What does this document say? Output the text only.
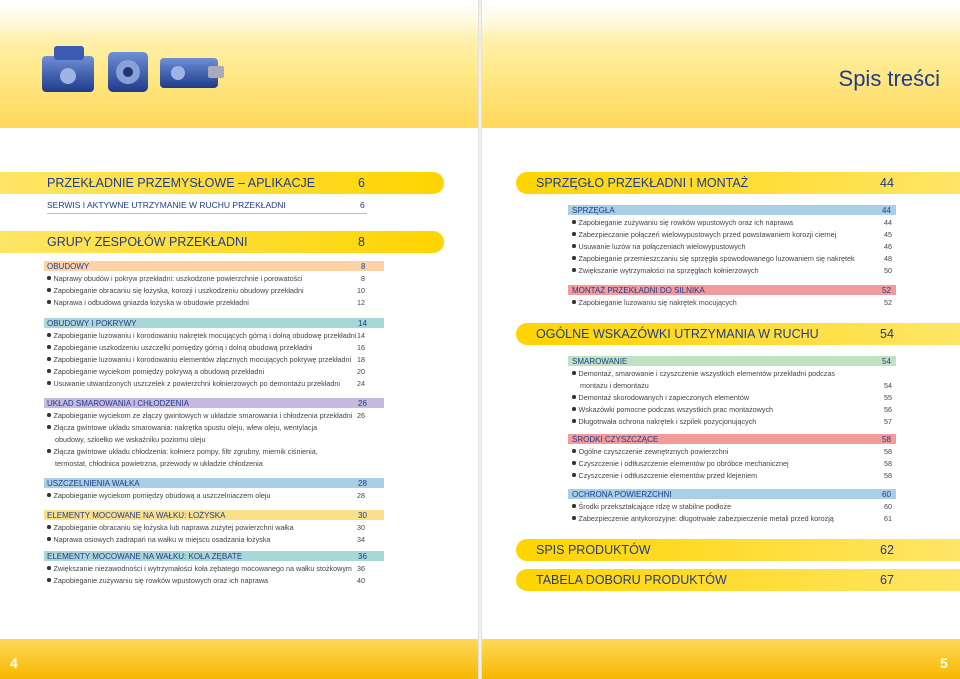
Spis treści
PRZEKŁADNIE PRZEMYSŁOWE – APLIKACJE	6
SERWIS I AKTYWNE UTRZYMANIE W RUCHU PRZEKŁADNI	6
GRUPY ZESPOŁÓW PRZEKŁADNI	8
OBUDOWY	8
Naprawy obudów i pokryw przekładni: uszkodzone powierzchnie i porowatości	8
Zapobieganie obracaniu się łożyska, korozji i uszkodzeniu obudowy przekładni	10
Naprawa i odbudowa gniazda łożyska w obudowie przekładni	12
OBUDOWY I POKRYWY	14
Zapobieganie luzowaniu i korodowaniu nakrętek mocujących górną i dolną obudowę przekładni 14
Zapobieganie uszkodzeniu uszczelki pomiędzy górną i dolną obudową przekładni	16
Zapobieganie luzowaniu i korodowaniu elementów złącznych mocujących pokrywę przekładni 18
Zapobieganie wyciekom pomiędzy pokrywą a obudową przekładni	20
Usuwanie utwardzonych uszczelek z powierzchni kołnierzowych po demontażu przekładni	24
UKŁAD SMAROWANIA I CHŁODZENIA	26
Zapobieganie wyciekom ze złączy gwintowych w układzie smarowania i chłodzenia przekładni 26
Złącza gwintowe układu smarowania: nakrętka spustu oleju, wlew oleju, wentylacja
obudowy, szkiełko we wskaźniku poziomu oleju
Złącza gwintowe układu chłodzenia: kołnierz pompy, filtr zgrubny, miernik ciśnienia,
termostat, chłodnica powietrzna, przewody w układzie chłodzenia
USZCZELNIENIA WAŁKA	28
Zapobieganie wyciekom pomiędzy obudową a uszczelniaczem oleju	28
ELEMENTY MOCOWANE NA WAŁKU: ŁOŻYSKA	30
Zapobieganie obracaniu się łożyska lub naprawa zużytej powierzchni wałka	30
Naprawa osiowych zadrapań na wałku w miejscu osadzania łożyska	34
ELEMENTY MOCOWANE NA WAŁKU: KOŁA ZĘBATE	36
Zwiększanie niezawodności i wytrzymałości koła zębatego mocowanego na wałku stożkowym 36
Zapobieganie zużywaniu się rowków wpustowych oraz ich naprawa	40
SPRZĘGŁO PRZEKŁADNI I MONTAŻ	44
SPRZĘGŁA	44
Zapobieganie zużywaniu się rowków wpustowych oraz ich naprawa	44
Zabezpieczanie połączeń wielowypustowych przed powstawaniem korozji ciernej	45
Usuwanie luzów na połączeniach wielowypustowych	46
Zapobieganie przemieszczaniu się sprzęgła spowodowanego luzowaniem się nakrętek	48
Zwiększanie wytrzymałości na sprzęgłach kołnierzowych	50
MONTAŻ PRZEKŁADNI DO SILNIKA	52
Zapobieganie luzowaniu się nakrętek mocujących	52
OGÓLNE WSKAZÓWKI UTRZYMANIA W RUCHU	54
SMAROWANIE	54
Demontaż, smarowanie i czyszczenie wszystkich elementów przekładni podczas
montażu i demontażu	54
Demontaż skorodowanych i zapieczonych elementów	55
Wskazówki pomocne podczas wszystkich prac montażowych	56
Długotrwała ochrona nakrętek i szpilek pozycjonujących	57
ŚRODKI CZYSZCZĄCE	58
Ogólne czyszczenie zewnętrznych powierzchni	58
Czyszczenie i odtłuszczenie elementów po obróbce mechanicznej	58
Czyszczenie i odtłuszczenie elementów przed klejeniem	58
OCHRONA POWIERZCHNI	60
Środki przekształcające rdzę w stabilne podłoże	60
Zabezpieczenie antykorozyjne: długotrwałe zabezpieczenie metali przed korozją	61
SPIS PRODUKTÓW	62
TABELA DOBORU PRODUKTÓW	67
4	5
